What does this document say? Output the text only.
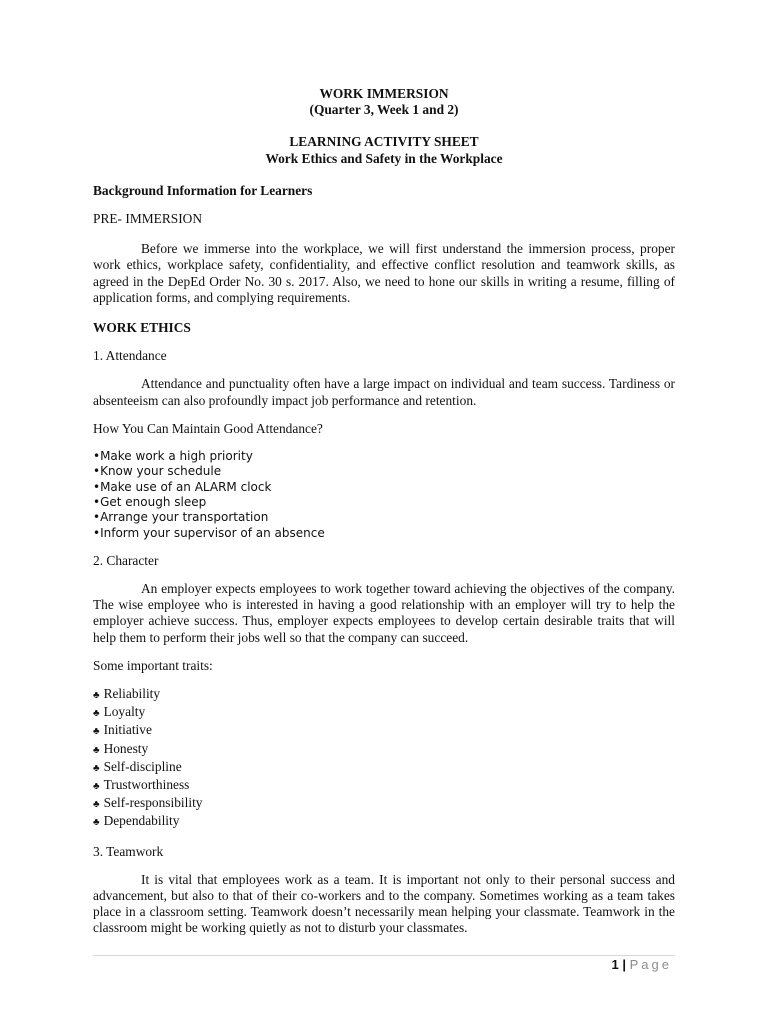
WORK IMMERSION

(Quarter 3, Week 1 and 2)

LEARNING ACTIVITY SHEET

Work Ethics and Safety in the Workplace

Background Information for Learners

PRE- IMMERSION

Before we immerse into the workplace, we will first understand the immersion process, proper work ethics, workplace safety, confidentiality, and effective conflict resolution and teamwork skills, as agreed in the DepEd Order No. 30 s. 2017. Also, we need to hone our skills in writing a resume, filling of application forms, and complying requirements.

WORK ETHICS

1. Attendance

Attendance and punctuality often have a large impact on individual and team success. Tardiness or absenteeism can also profoundly impact job performance and retention.

How You Can Maintain Good Attendance?

•Make work a high priority
•Know your schedule
•Make use of an ALARM clock
•Get enough sleep
•Arrange your transportation
•Inform your supervisor of an absence

2. Character

An employer expects employees to work together toward achieving the objectives of the company. The wise employee who is interested in having a good relationship with an employer will try to help the employer achieve success. Thus, employer expects employees to develop certain desirable traits that will help them to perform their jobs well so that the company can succeed.

Some important traits:

♣ Reliability
♣ Loyalty
♣ Initiative
♣ Honesty
♣ Self-discipline
♣ Trustworthiness
♣ Self-responsibility
♣ Dependability

3. Teamwork

It is vital that employees work as a team. It is important not only to their personal success and advancement, but also to that of their co-workers and to the company. Sometimes working as a team takes place in a classroom setting. Teamwork doesn’t necessarily mean helping your classmate. Teamwork in the classroom might be working quietly as not to disturb your classmates.

1 | Page
